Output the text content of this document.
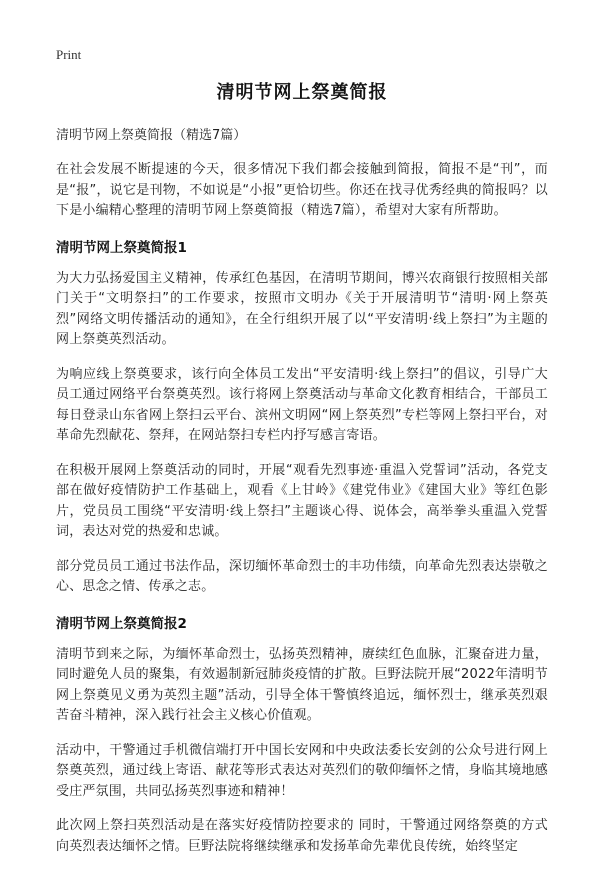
Print
清明节网上祭奠简报
清明节网上祭奠简报（精选7篇）

在社会发展不断提速的今天，很多情况下我们都会接触到简报，简报不是“刊”，而是“报”，说它是刊物，不如说是“小报”更恰切些。你还在找寻优秀经典的简报吗？以下是小编精心整理的清明节网上祭奠简报（精选7篇），希望对大家有所帮助。

清明节网上祭奠简报1

为大力弘扬爱国主义精神，传承红色基因，在清明节期间，博兴农商银行按照相关部门关于“文明祭扫”的工作要求，按照市文明办《关于开展清明节“清明·网上祭英烈”网络文明传播活动的通知》，在全行组织开展了以“平安清明·线上祭扫”为主题的网上祭奠英烈活动。

为响应线上祭奠要求，该行向全体员工发出“平安清明·线上祭扫”的倡议，引导广大员工通过网络平台祭奠英烈。该行将网上祭奠活动与革命文化教育相结合，干部员工每日登录山东省网上祭扫云平台、滨州文明网“网上祭英烈”专栏等网上祭扫平台，对革命先烈献花、祭拜，在网站祭扫专栏内抒写感言寄语。

在积极开展网上祭奠活动的同时，开展“观看先烈事迹·重温入党誓词”活动，各党支部在做好疫情防护工作基础上，观看《上甘岭》《建党伟业》《建国大业》等红色影片，党员员工围绕“平安清明·线上祭扫”主题谈心得、说体会，高举拳头重温入党誓词，表达对党的热爱和忠诚。

部分党员员工通过书法作品，深切缅怀革命烈士的丰功伟绩，向革命先烈表达崇敬之心、思念之情、传承之志。

清明节网上祭奠简报2

清明节到来之际，为缅怀革命烈士，弘扬英烈精神，赓续红色血脉，汇聚奋进力量，同时避免人员的聚集，有效遏制新冠肺炎疫情的扩散。巨野法院开展“2022年清明节网上祭奠见义勇为英烈主题”活动，引导全体干警慎终追远，缅怀烈士，继承英烈艰苦奋斗精神，深入践行社会主义核心价值观。

活动中，干警通过手机微信端打开中国长安网和中央政法委长安剑的公众号进行网上祭奠英烈，通过线上寄语、献花等形式表达对英烈们的敬仰缅怀之情，身临其境地感受庄严氛围，共同弘扬英烈事迹和精神！

此次网上祭扫英烈活动是在落实好疫情防控要求的 同时，干警通过网络祭奠的方式向英烈表达缅怀之情。巨野法院将继续继承和发扬革命先辈优良传统，始终坚定
